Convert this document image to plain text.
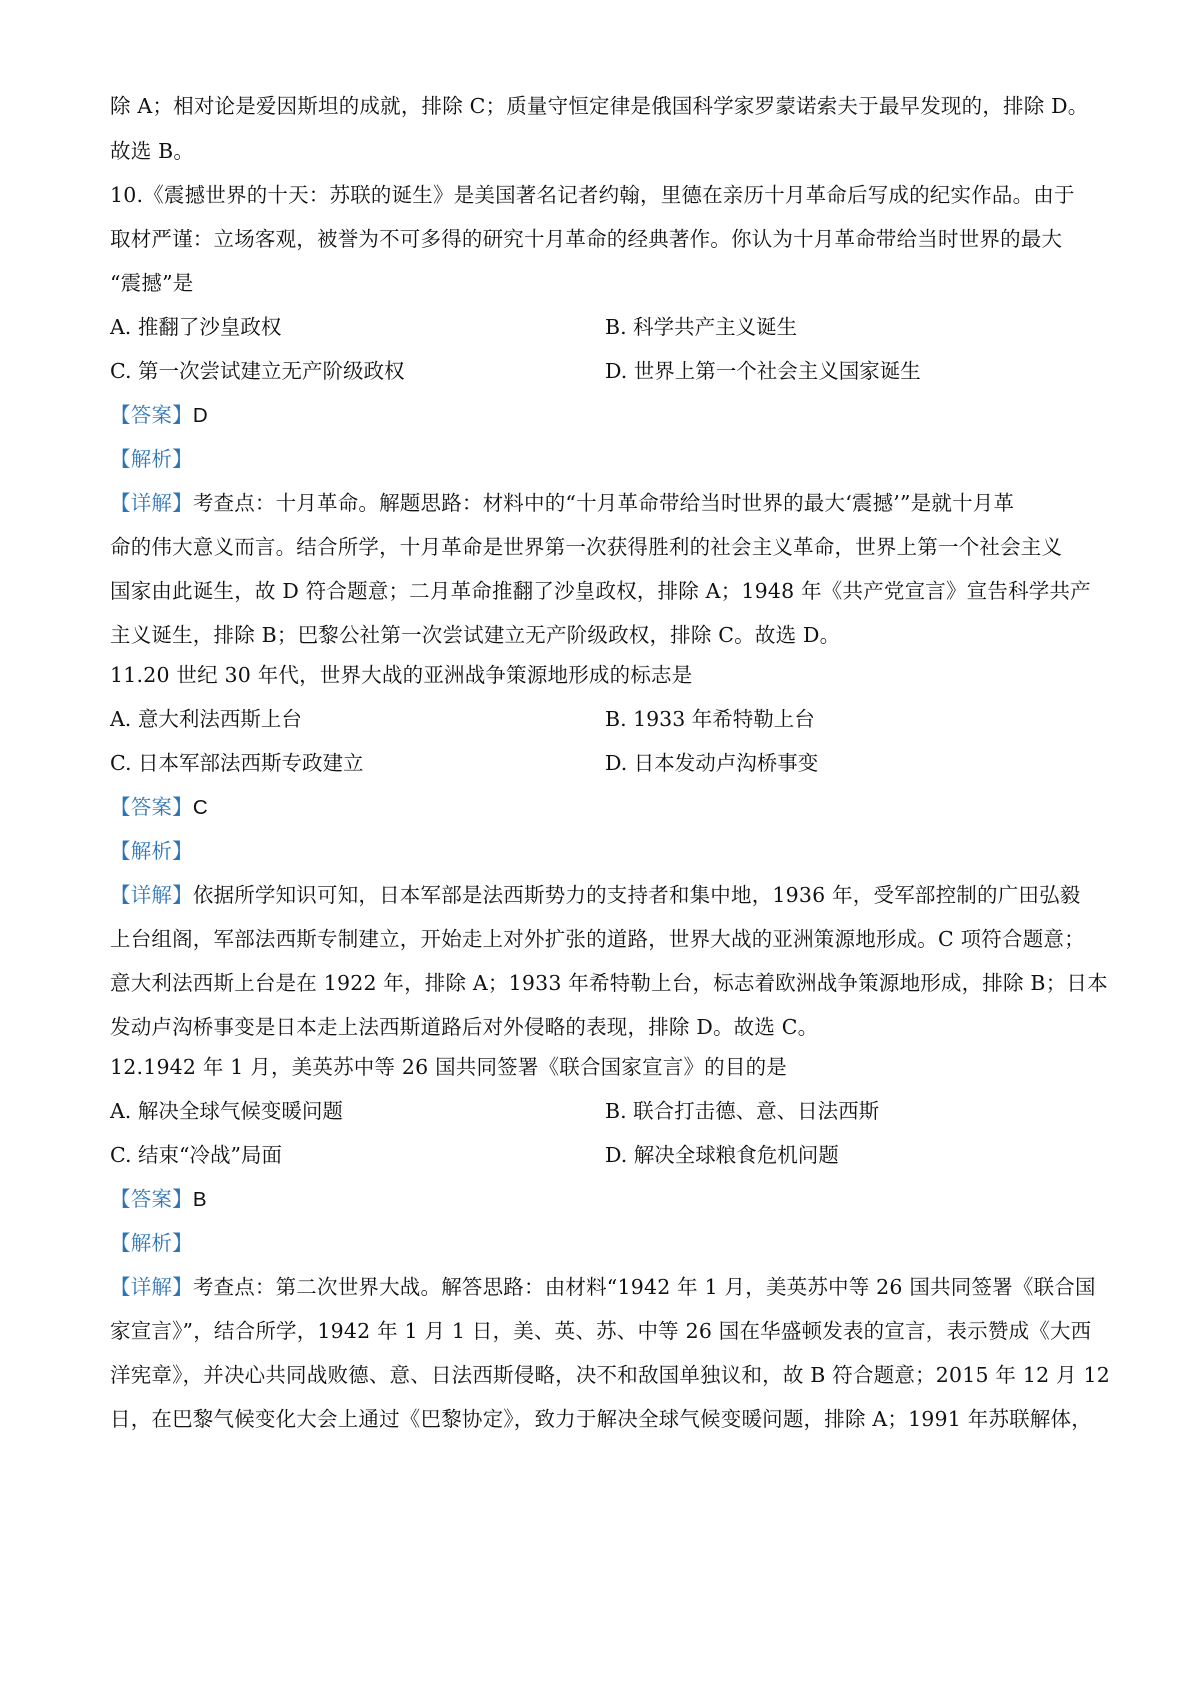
除 A；相对论是爱因斯坦的成就，排除 C；质量守恒定律是俄国科学家罗蒙诺索夫于最早发现的，排除 D。
故选 B。
10.《震撼世界的十天：苏联的诞生》是美国著名记者约翰，里德在亲历十月革命后写成的纪实作品。由于
取材严谨：立场客观，被誉为不可多得的研究十月革命的经典著作。你认为十月革命带给当时世界的最大
“震撼”是
A. 推翻了沙皇政权	B. 科学共产主义诞生
C. 第一次尝试建立无产阶级政权	D. 世界上第一个社会主义国家诞生
【答案】D
【解析】
【详解】考查点：十月革命。解题思路：材料中的“十月革命带给当时世界的最大‘震撼’”是就十月革
命的伟大意义而言。结合所学，十月革命是世界第一次获得胜利的社会主义革命，世界上第一个社会主义
国家由此诞生，故 D 符合题意；二月革命推翻了沙皇政权，排除 A；1948 年《共产党宣言》宣告科学共产
主义诞生，排除 B；巴黎公社第一次尝试建立无产阶级政权，排除 C。故选 D。
11.20 世纪 30 年代，世界大战的亚洲战争策源地形成的标志是
A. 意大利法西斯上台	B. 1933 年希特勒上台
C. 日本军部法西斯专政建立	D. 日本发动卢沟桥事变
【答案】C
【解析】
【详解】依据所学知识可知，日本军部是法西斯势力的支持者和集中地，1936 年，受军部控制的广田弘毅
上台组阁，军部法西斯专制建立，开始走上对外扩张的道路，世界大战的亚洲策源地形成。C 项符合题意；
意大利法西斯上台是在 1922 年，排除 A；1933 年希特勒上台，标志着欧洲战争策源地形成，排除 B；日本
发动卢沟桥事变是日本走上法西斯道路后对外侵略的表现，排除 D。故选 C。
12.1942 年 1 月，美英苏中等 26 国共同签署《联合国家宣言》的目的是
A. 解决全球气候变暖问题	B. 联合打击德、意、日法西斯
C. 结束“冷战”局面	D. 解决全球粮食危机问题
【答案】B
【解析】
【详解】考查点：第二次世界大战。解答思路：由材料“1942 年 1 月，美英苏中等 26 国共同签署《联合国
家宣言》”，结合所学，1942 年 1 月 1 日，美、英、苏、中等 26 国在华盛顿发表的宣言，表示赞成《大西
洋宪章》，并决心共同战败德、意、日法西斯侵略，决不和敌国单独议和，故 B 符合题意；2015 年 12 月 12
日，在巴黎气候变化大会上通过《巴黎协定》，致力于解决全球气候变暖问题，排除 A；1991 年苏联解体，
